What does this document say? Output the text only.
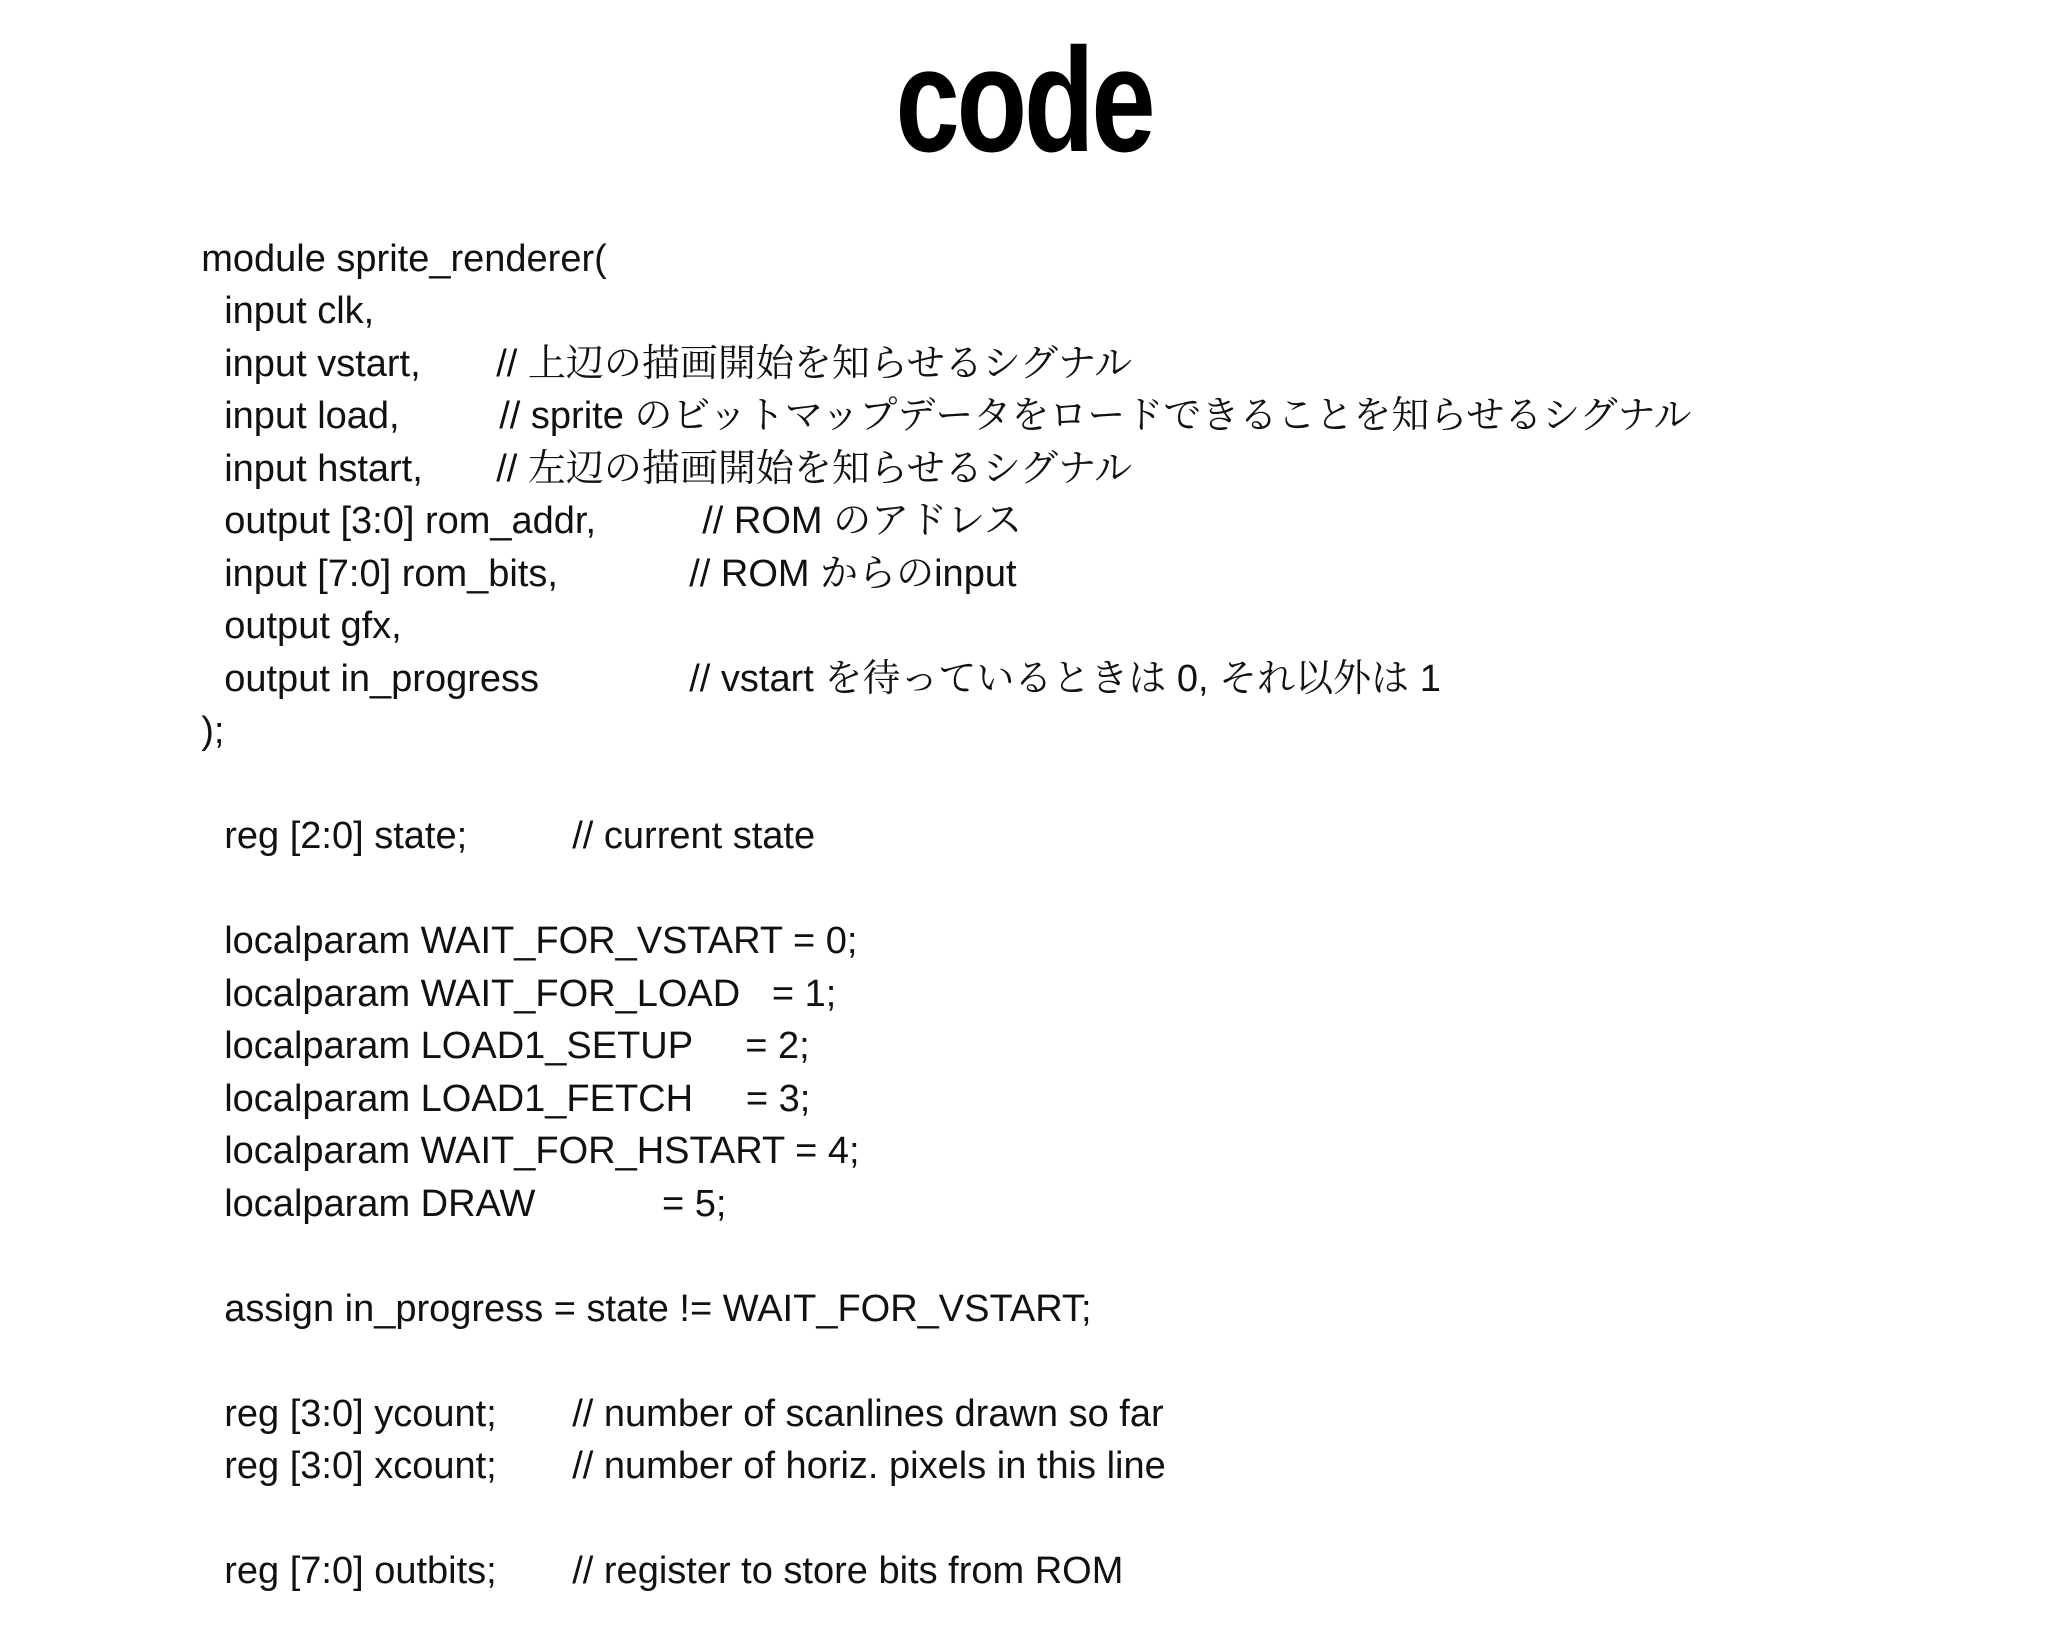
code

module sprite_renderer(

input clk,

input vstart, // 上辺の描画開始を知らせるシグナル

input load,	// sprite のビットマップデータをロードできることを知らせるシグナル

input hstart, // 左辺の描画開始を知らせるシグナル

output [3:0] rom_addr,	// ROM のアドレス

input [7:0] rom_bits,	// ROM からのinput

output gfx,

output in_progress	// vstart を待っているときは 0, それ以外は 1

);

reg [2:0] state;	// current state

localparam WAIT_FOR_VSTART = 0;

localparam WAIT_FOR_LOAD   = 1;

localparam LOAD1_SETUP     = 2;

localparam LOAD1_FETCH     = 3;

localparam WAIT_FOR_HSTART = 4;

localparam DRAW            = 5;

assign in_progress = state != WAIT_FOR_VSTART;

reg [3:0] ycount; // number of scanlines drawn so far

reg [3:0] xcount; // number of horiz. pixels in this line

reg [7:0] outbits; // register to store bits from ROM
